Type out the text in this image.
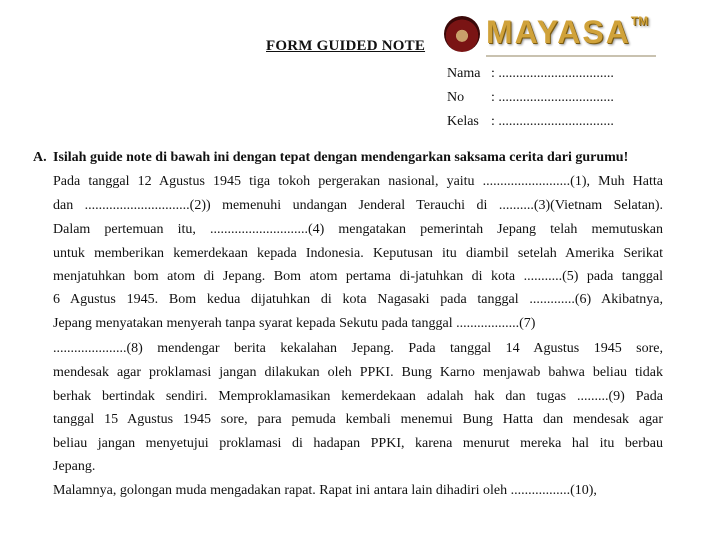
FORM GUIDED NOTE MAYASA™
Nama : .................................
No	: .................................
Kelas : .................................
A. Isilah guide note di bawah ini dengan tepat dengan mendengarkan saksama cerita dari gurumu!
Pada tanggal 12 Agustus 1945 tiga tokoh pergerakan nasional, yaitu .........................(1), Muh Hatta
dan ..............................(2)) memenuhi undangan Jenderal Terauchi di ..........(3)(Vietnam Selatan).
Dalam pertemuan itu, ............................(4) mengatakan pemerintah Jepang telah memutuskan
untuk memberikan kemerdekaan kepada Indonesia. Keputusan itu diambil setelah Amerika Serikat
menjatuhkan bom atom di Jepang. Bom atom pertama di-jatuhkan di kota ...........(5) pada tanggal
6 Agustus 1945. Bom kedua dijatuhkan di kota Nagasaki pada tanggal .............(6) Akibatnya,
Jepang menyatakan menyerah tanpa syarat kepada Sekutu pada tanggal ..................(7)
.....................(8) mendengar berita kekalahan Jepang. Pada tanggal 14 Agustus 1945 sore,
mendesak agar proklamasi jangan dilakukan oleh PPKI. Bung Karno menjawab bahwa beliau tidak
berhak bertindak sendiri. Memproklamasikan kemerdekaan adalah hak dan tugas .........(9) Pada
tanggal 15 Agustus 1945 sore, para pemuda kembali menemui Bung Hatta dan mendesak agar
beliau jangan menyetujui proklamasi di hadapan PPKI, karena menurut mereka hal itu berbau
Jepang.
Malamnya, golongan muda mengadakan rapat. Rapat ini antara lain dihadiri oleh .................(10),
